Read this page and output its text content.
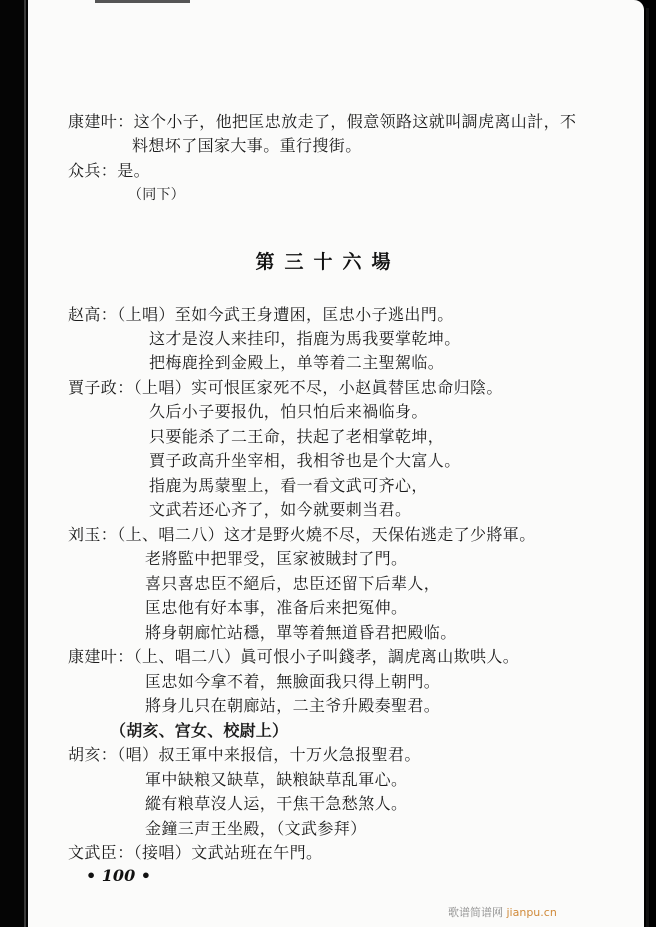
康建叶：这个小子，他把匡忠放走了，假意领路这就叫調虎离山計，不
料想坏了国家大事。重行搜街。
众兵：是。
（同下）
第三十六場
赵高：（上唱）至如今武王身遭困，匡忠小子逃出門。
这才是沒人来挂印，指鹿为馬我要掌乾坤。
把梅鹿拴到金殿上，单等着二主聖駕临。
賈子政：（上唱）实可恨匡家死不尽，小赵眞替匡忠命归陰。
久后小子要报仇，怕只怕后来禍临身。
只要能杀了二王命，扶起了老相掌乾坤，
賈子政高升坐宰相，我相爷也是个大富人。
指鹿为馬蒙聖上，看一看文武可齐心，
文武若还心齐了，如今就要刺当君。
刘玉：（上、唱二八）这才是野火燒不尽，天保佑逃走了少將軍。
老將監中把罪受，匡家被賊封了門。
喜只喜忠臣不絕后，忠臣还留下后辈人，
匡忠他有好本事，准备后来把冤伸。
將身朝廊忙站穩，單等着無道昏君把殿临。
康建叶：（上、唱二八）眞可恨小子叫錢孝，調虎离山欺哄人。
匡忠如今拿不着，無臉面我只得上朝門。
將身儿只在朝廊站，二主爷升殿奏聖君。
（胡亥、宫女、校尉上）
胡亥：（唱）叔王軍中来报信，十万火急报聖君。
軍中缺粮又缺草，缺粮缺草乱軍心。
縱有粮草沒人运，干焦干急愁煞人。
金鐘三声王坐殿，（文武参拜）
文武臣：（接唱）文武站班在午門。
• 100 •
歌谱简谱网 jianpu.cn
